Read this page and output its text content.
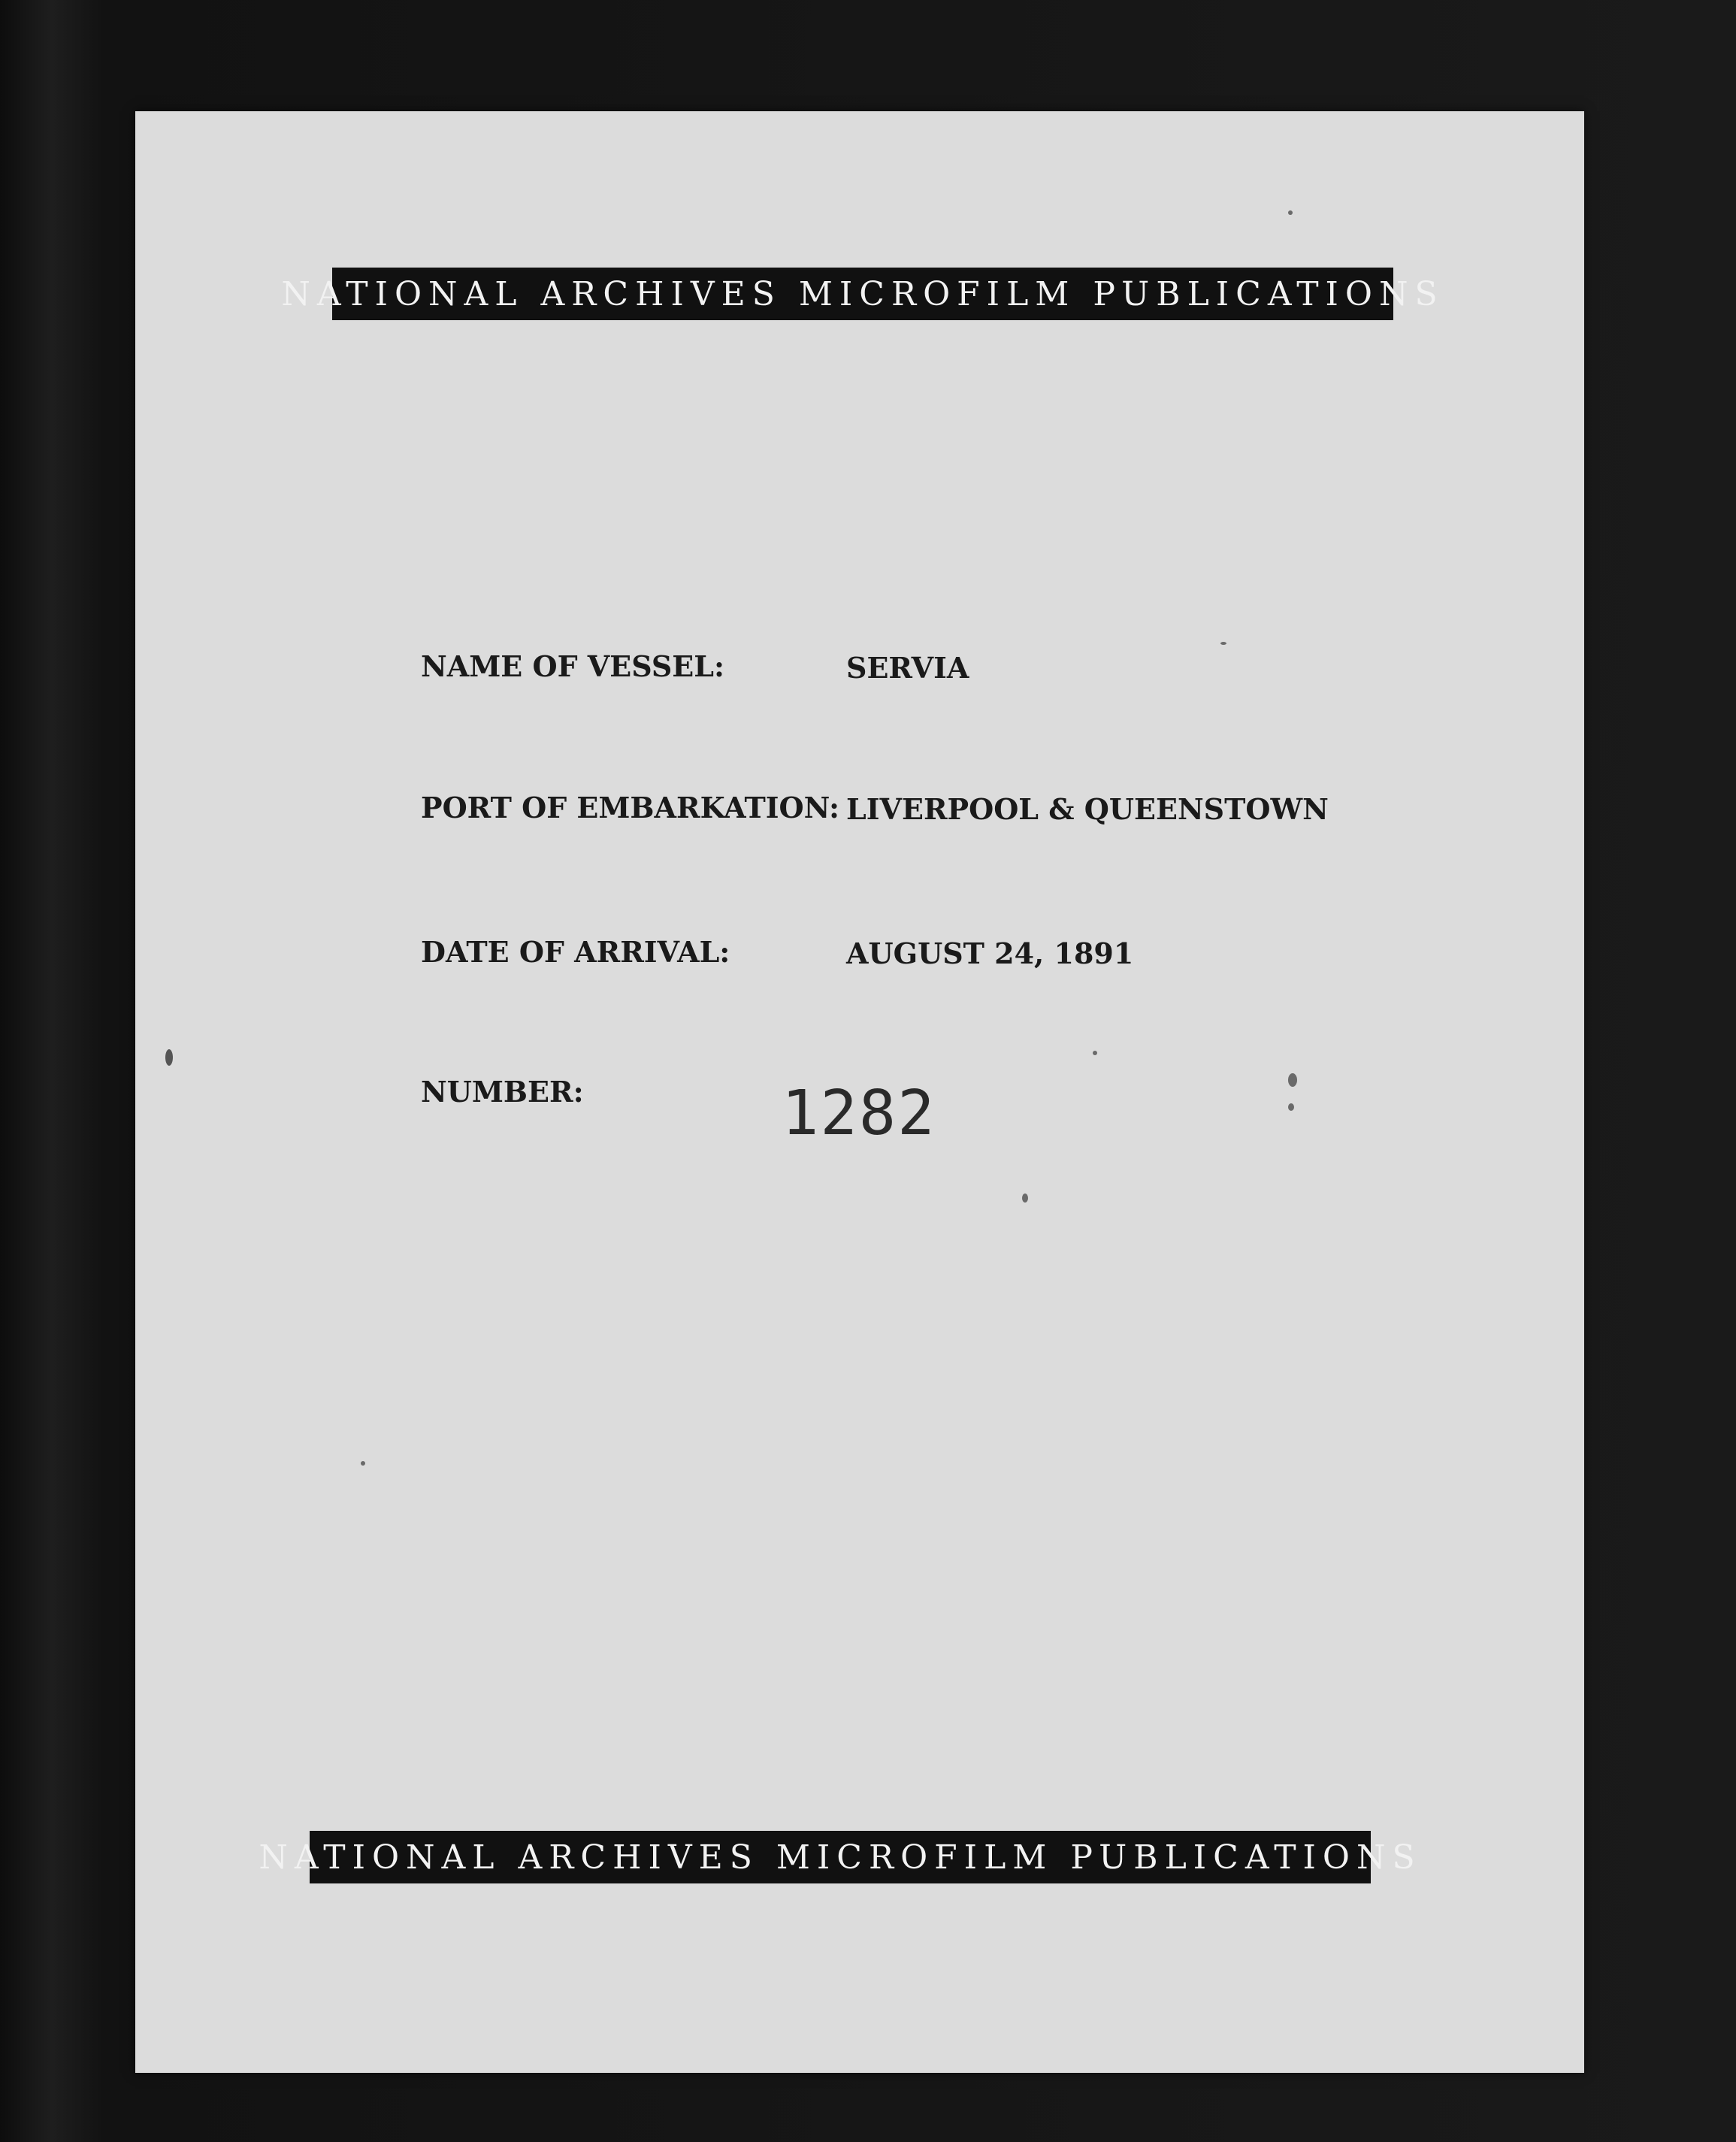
NATIONAL ARCHIVES MICROFILM PUBLICATIONS
NAME OF VESSEL:	SERVIA
PORT OF EMBARKATION: LIVERPOOL & QUEENSTOWN
DATE OF ARRIVAL:	AUGUST 24, 1891
NUMBER:	1282
NATIONAL ARCHIVES MICROFILM PUBLICATIONS
